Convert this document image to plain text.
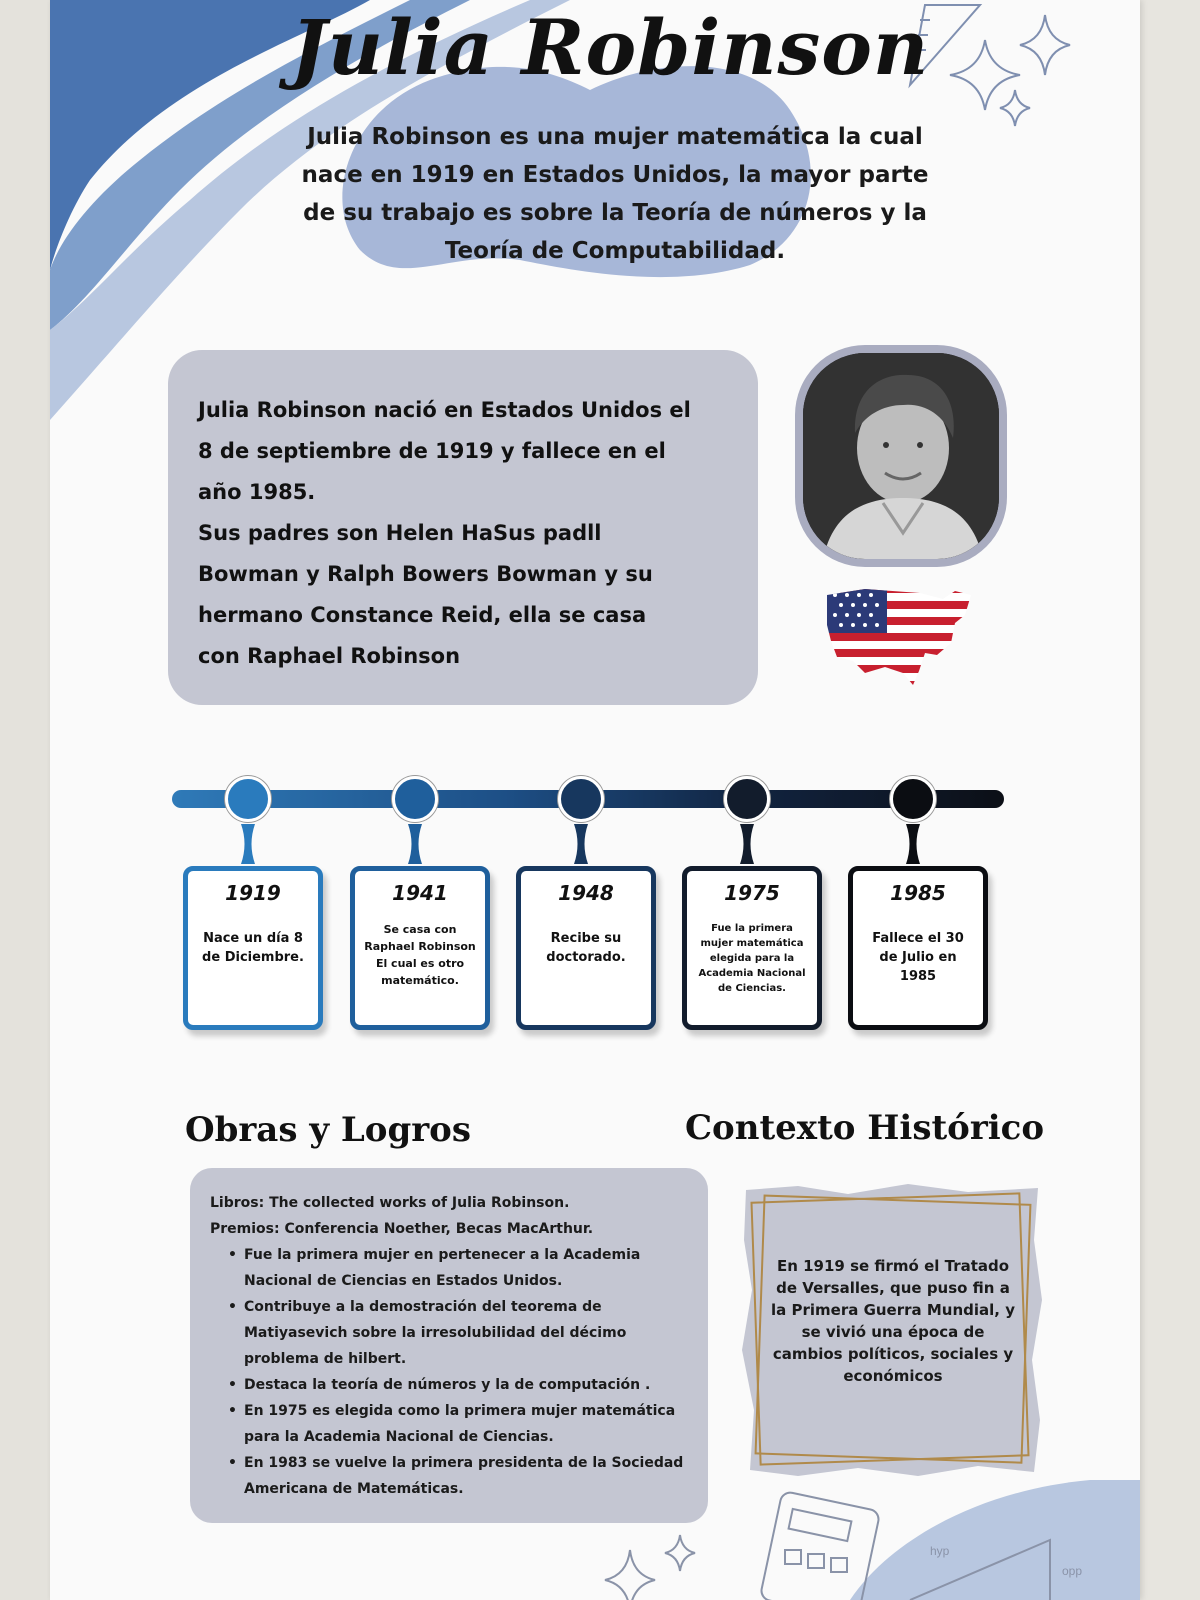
Julia Robinson
Julia Robinson es una mujer matemática la cual nace en 1919 en Estados Unidos, la mayor parte de su trabajo es sobre la Teoría de números y la Teoría de Computabilidad.
Julia Robinson nació en Estados Unidos el
8 de septiembre de 1919 y fallece en el
año 1985.
Sus padres son Helen HaSus padll
Bowman y Ralph Bowers Bowman y su
hermano Constance Reid, ella se casa
con Raphael Robinson
1919
Nace un día 8 de Diciembre.
1941
Se casa con Raphael Robinson El cual es otro matemático.
1948
Recibe su doctorado.
1975
Fue la primera mujer matemática elegida para la Academia Nacional de Ciencias.
1985
Fallece el 30 de Julio en 1985
Obras y Logros	Contexto Histórico
Libros: The collected works of Julia Robinson.
Premios: Conferencia Noether, Becas MacArthur.
• Fue la primera mujer en pertenecer a la Academia Nacional de Ciencias en Estados Unidos.
• Contribuye a la demostración del teorema de Matiyasevich sobre la irresolubilidad del décimo problema de hilbert.
• Destaca la teoría de números y la de computación .
• En 1975 es elegida como la primera mujer matemática para la Academia Nacional de Ciencias.
• En 1983 se vuelve la primera presidenta de la Sociedad Americana de Matemáticas.
En 1919 se firmó el Tratado de Versalles, que puso fin a la Primera Guerra Mundial, y se vivió una época de cambios políticos, sociales y económicos
hyp
opp
